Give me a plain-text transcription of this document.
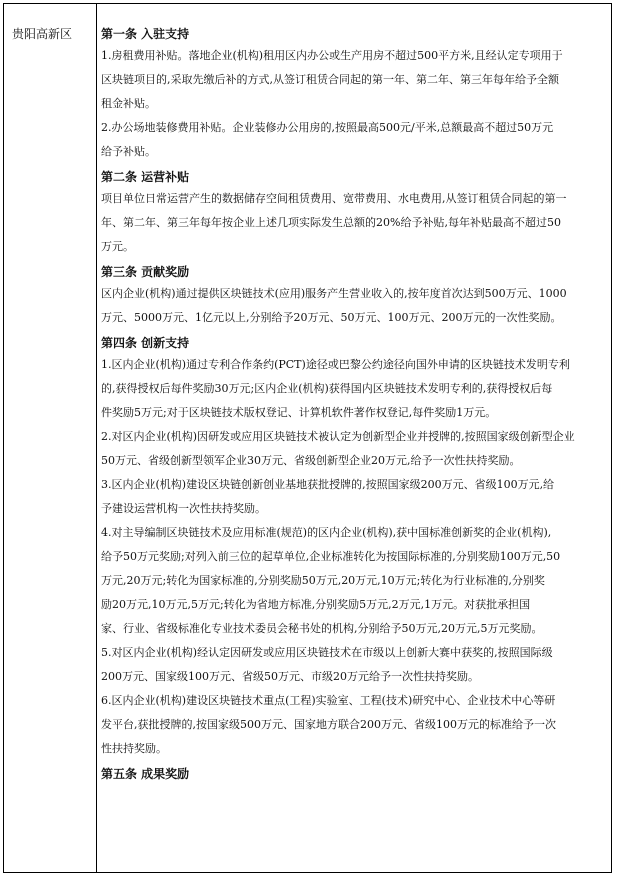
贵阳高新区 第一条 入驻支持
1.房租费用补贴。落地企业(机构)租用区内办公或生产用房不超过500平方米,且经认定专项用于
区块链项目的,采取先缴后补的方式,从签订租赁合同起的第一年、第二年、第三年每年给予全额
租金补贴。
2.办公场地装修费用补贴。企业装修办公用房的,按照最高500元/平米,总额最高不超过50万元
给予补贴。
第二条 运营补贴
项目单位日常运营产生的数据储存空间租赁费用、宽带费用、水电费用,从签订租赁合同起的第一
年、第二年、第三年每年按企业上述几项实际发生总额的20%给予补贴,每年补贴最高不超过50
万元。
第三条 贡献奖励
区内企业(机构)通过提供区块链技术(应用)服务产生营业收入的,按年度首次达到500万元、1000
万元、5000万元、1亿元以上,分别给予20万元、50万元、100万元、200万元的一次性奖励。
第四条 创新支持
1.区内企业(机构)通过专利合作条约(PCT)途径或巴黎公约途径向国外申请的区块链技术发明专利
的,获得授权后每件奖励30万元;区内企业(机构)获得国内区块链技术发明专利的,获得授权后每
件奖励5万元;对于区块链技术版权登记、计算机软件著作权登记,每件奖励1万元。
2.对区内企业(机构)因研发或应用区块链技术被认定为创新型企业并授牌的,按照国家级创新型企业
50万元、省级创新型领军企业30万元、省级创新型企业20万元,给予一次性扶持奖励。
3.区内企业(机构)建设区块链创新创业基地获批授牌的,按照国家级200万元、省级100万元,给
予建设运营机构一次性扶持奖励。
4.对主导编制区块链技术及应用标准(规范)的区内企业(机构),获中国标准创新奖的企业(机构),
给予50万元奖励;对列入前三位的起草单位,企业标准转化为按国际标准的,分别奖励100万元,50
万元,20万元;转化为国家标准的,分别奖励50万元,20万元,10万元;转化为行业标准的,分别奖
励20万元,10万元,5万元;转化为省地方标准,分别奖励5万元,2万元,1万元。对获批承担国
家、行业、省级标准化专业技术委员会秘书处的机构,分别给予50万元,20万元,5万元奖励。
5.对区内企业(机构)经认定因研发或应用区块链技术在市级以上创新大赛中获奖的,按照国际级
200万元、国家级100万元、省级50万元、市级20万元给予一次性扶持奖励。
6.区内企业(机构)建设区块链技术重点(工程)实验室、工程(技术)研究中心、企业技术中心等研
发平台,获批授牌的,按国家级500万元、国家地方联合200万元、省级100万元的标准给予一次
性扶持奖励。
第五条 成果奖励
